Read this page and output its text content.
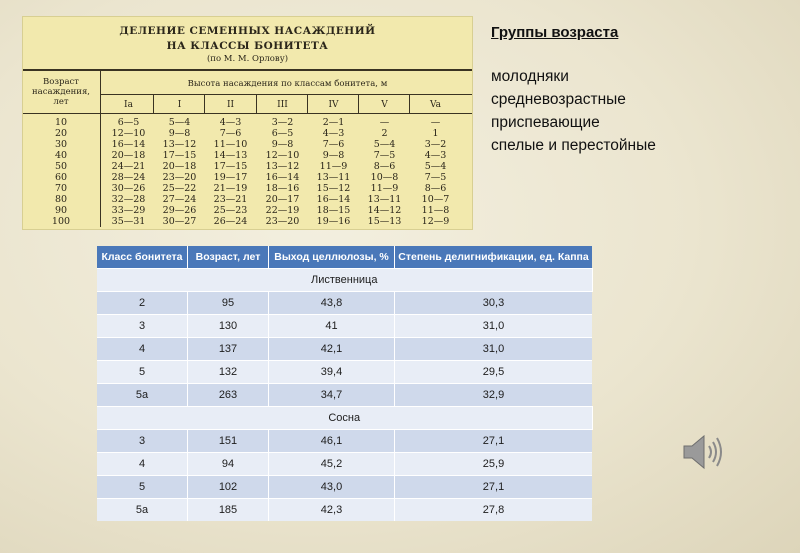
ДЕЛЕНИЕ СЕМЕННЫХ НАСАЖДЕНИЙ
НА КЛАССЫ БОНИТЕТА
(по М. М. Орлову)
Возраст
насаждения,
лет
Высота насаждения по классам бонитета, м
Ia	I	II	III	IV	V	Va
10	6—5	5—4	4—3	3—2	2—1	—	—
20	12—10	9—8	7—6	6—5	4—3	2	1
30	16—14	13—12	11—10	9—8	7—6	5—4	3—2
40	20—18	17—15	14—13	12—10	9—8	7—5	4—3
50	24—21	20—18	17—15	13—12	11—9	8—6	5—4
60	28—24	23—20	19—17	16—14	13—11	10—8	7—5
70	30—26	25—22	21—19	18—16	15—12	11—9	8—6
80	32—28	27—24	23—21	20—17	16—14	13—11	10—7
90	33—29	29—26	25—23	22—19	18—15	14—12	11—8
100	35—31	30—27	26—24	23—20	19—16	15—13	12—9
Группы возраста
молодняки
средневозрастные
приспевающие
спелые и перестойные
Класс бонитета	Возраст, лет	Выход целлюлозы, %	Степень делигнификации, ед. Каппа
Лиственница			
2	95	43,8	30,3
3	130	41	31,0
4	137	42,1	31,0
5	132	39,4	29,5
5а	263	34,7	32,9
Сосна			
3	151	46,1	27,1
4	94	45,2	25,9
5	102	43,0	27,1
5а	185	42,3	27,8
